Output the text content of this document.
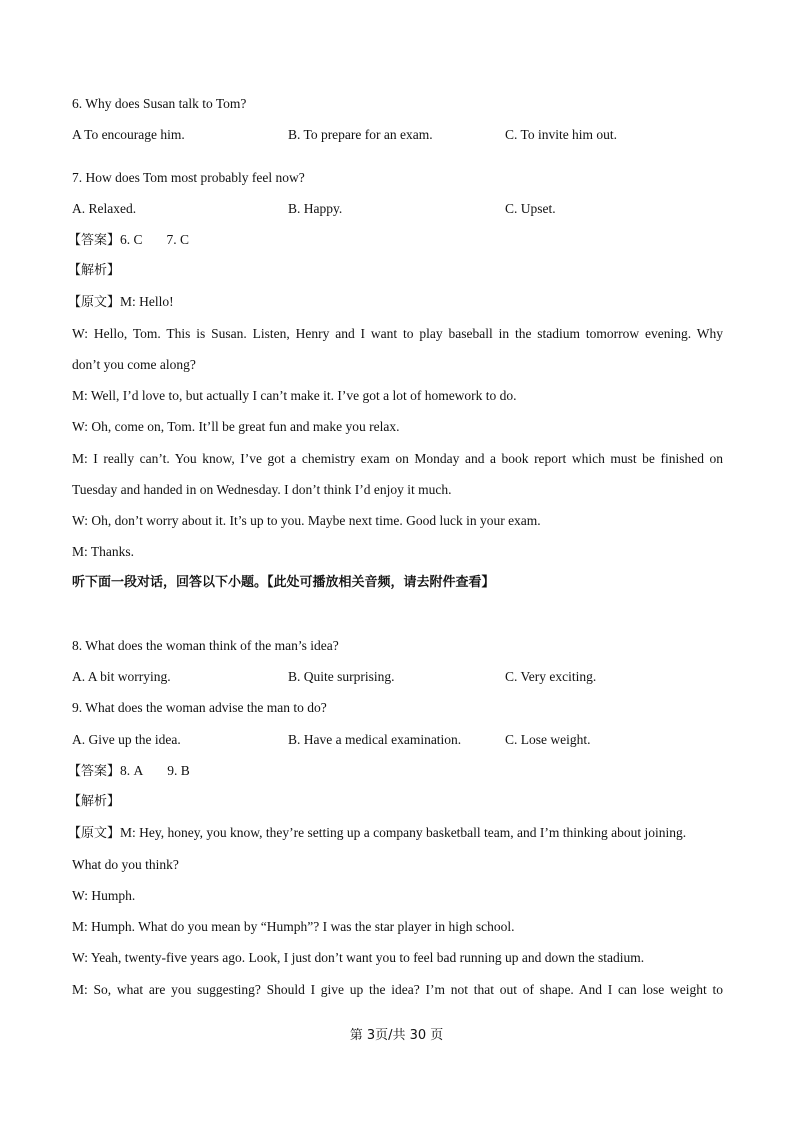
6. Why does Susan talk to Tom?
A To encourage him.	B. To prepare for an exam.	C. To invite him out.
7. How does Tom most probably feel now?
A. Relaxed.	B. Happy.	C. Upset.
【答案】6. C 7. C
【解析】
【原文】M: Hello!
W: Hello, Tom. This is Susan. Listen, Henry and I want to play baseball in the stadium tomorrow evening. Why
don’t you come along?
M: Well, I’d love to, but actually I can’t make it. I’ve got a lot of homework to do.
W: Oh, come on, Tom. It’ll be great fun and make you relax.
M: I really can’t. You know, I’ve got a chemistry exam on Monday and a book report which must be finished on
Tuesday and handed in on Wednesday. I don’t think I’d enjoy it much.
W: Oh, don’t worry about it. It’s up to you. Maybe next time. Good luck in your exam.
M: Thanks.
听下面一段对话，回答以下小题。【此处可播放相关音频，请去附件查看】
8. What does the woman think of the man’s idea?
A. A bit worrying.	B. Quite surprising.	C. Very exciting.
9. What does the woman advise the man to do?
A. Give up the idea.	B. Have a medical examination.	C. Lose weight.
【答案】8. A 9. B
【解析】
【原文】M: Hey, honey, you know, they’re setting up a company basketball team, and I’m thinking about joining.
What do you think?
W: Humph.
M: Humph. What do you mean by “Humph”? I was the star player in high school.
W: Yeah, twenty-five years ago. Look, I just don’t want you to feel bad running up and down the stadium.
M: So, what are you suggesting? Should I give up the idea? I’m not that out of shape. And I can lose weight to
第 3页/共 30 页
